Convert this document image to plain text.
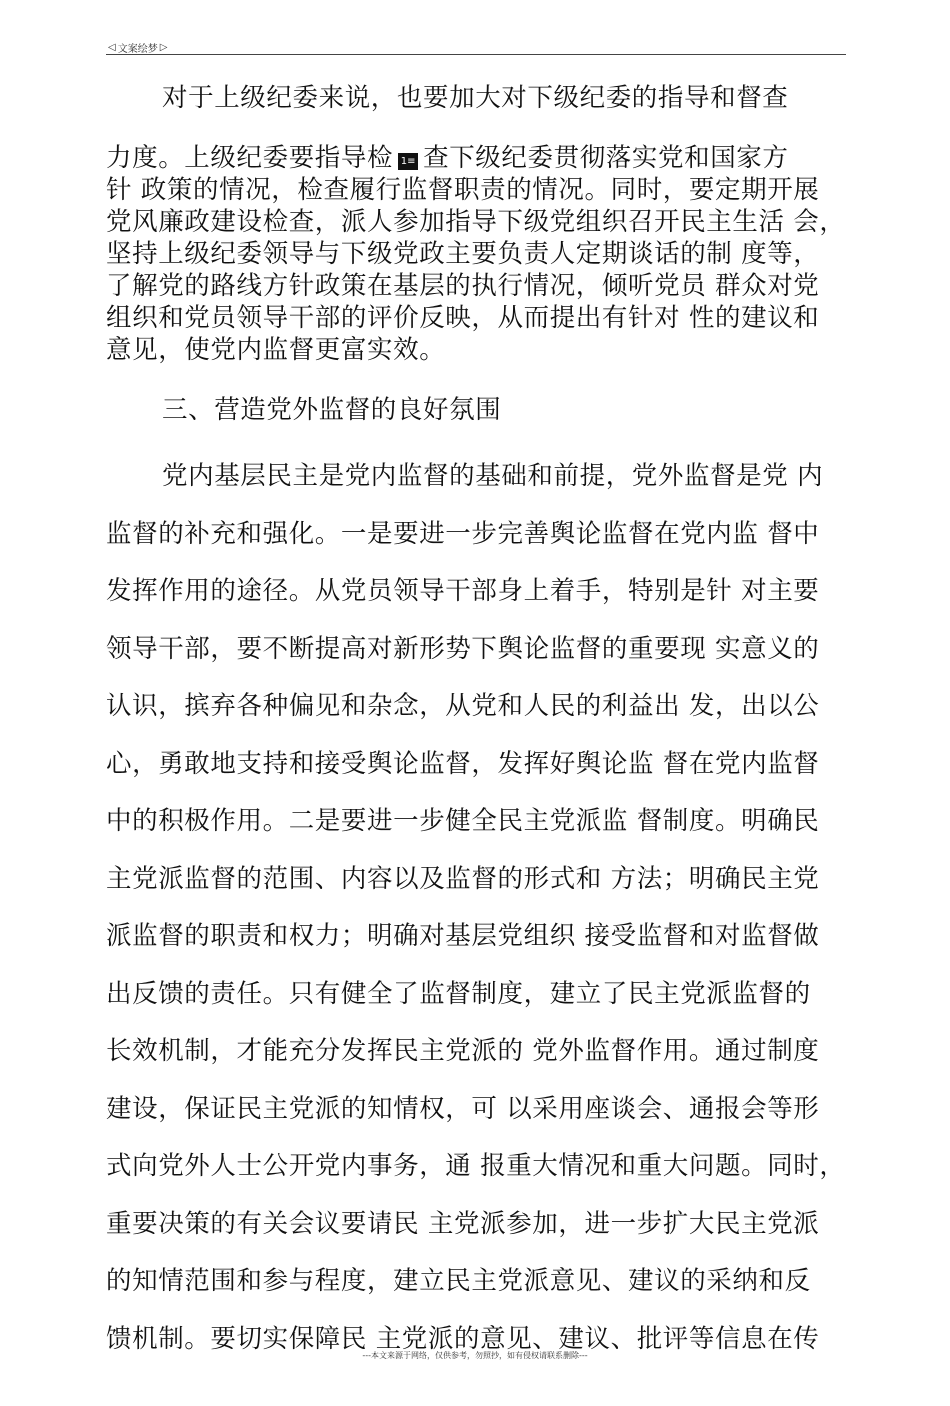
◁ 文案绘梦 ▷
对于上级纪委来说，也要加大对下级纪委的指导和督查
力度。上级纪委要指导检 1≡ 查下级纪委贯彻落实党和国家方
针 政策的情况，检查履行监督职责的情况。同时，要定期开展
党风廉政建设检查，派人参加指导下级党组织召开民主生活 会，
坚持上级纪委领导与下级党政主要负责人定期谈话的制 度等，
了解党的路线方针政策在基层的执行情况，倾听党员 群众对党
组织和党员领导干部的评价反映，从而提出有针对 性的建议和
意见，使党内监督更富实效。
三、营造党外监督的良好氛围
党内基层民主是党内监督的基础和前提，党外监督是党 内
监督的补充和强化。一是要进一步完善舆论监督在党内监 督中
发挥作用的途径。从党员领导干部身上着手，特别是针 对主要
领导干部，要不断提高对新形势下舆论监督的重要现 实意义的
认识，摈弃各种偏见和杂念，从党和人民的利益出 发，出以公
心，勇敢地支持和接受舆论监督，发挥好舆论监 督在党内监督
中的积极作用。二是要进一步健全民主党派监 督制度。明确民
主党派监督的范围、内容以及监督的形式和 方法；明确民主党
派监督的职责和权力；明确对基层党组织 接受监督和对监督做
出反馈的责任。只有健全了监督制度，建立了民主党派监督的
长效机制，才能充分发挥民主党派的 党外监督作用。通过制度
建设，保证民主党派的知情权，可 以采用座谈会、通报会等形
式向党外人士公开党内事务，通 报重大情况和重大问题。同时，
重要决策的有关会议要请民 主党派参加，进一步扩大民主党派
的知情范围和参与程度，建立民主党派意见、建议的采纳和反
馈机制。要切实保障民 主党派的意见、建议、批评等信息在传
---本文来源于网络，仅供参考，勿照抄，如有侵权请联系删除---
